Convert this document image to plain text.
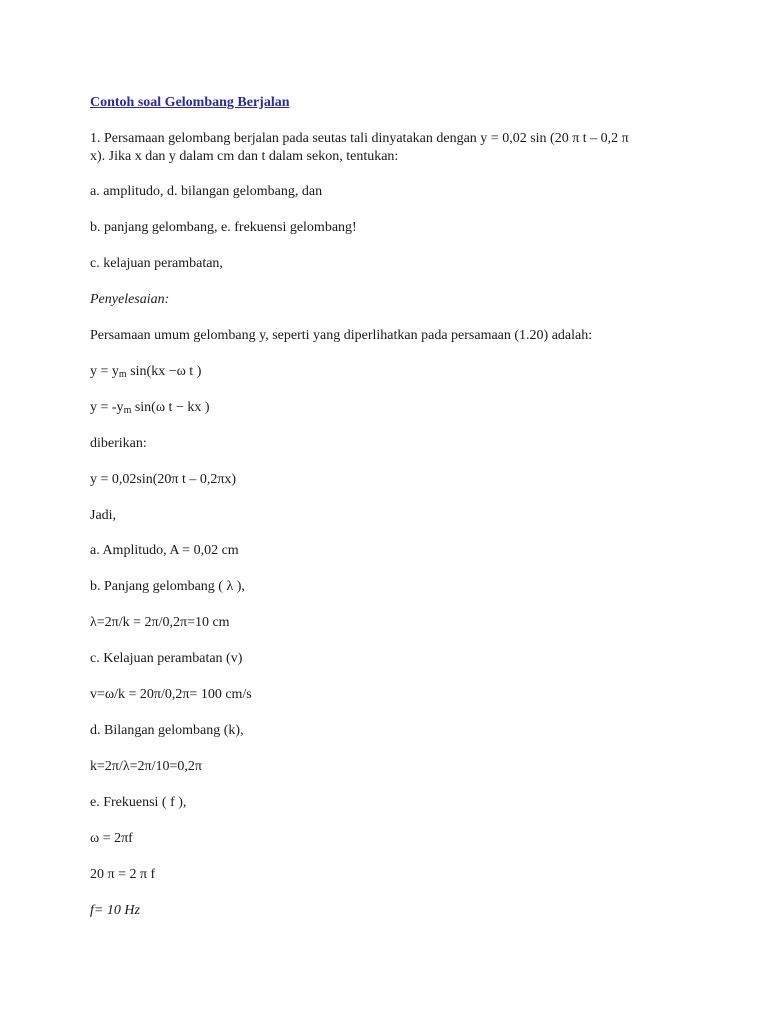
Contoh soal Gelombang Berjalan
1. Persamaan gelombang berjalan pada seutas tali dinyatakan dengan y = 0,02 sin (20 π t – 0,2 π
x). Jika x dan y dalam cm dan t dalam sekon, tentukan:
a. amplitudo, d. bilangan gelombang, dan
b. panjang gelombang, e. frekuensi gelombang!
c. kelajuan perambatan,
Penyelesaian:
Persamaan umum gelombang y, seperti yang diperlihatkan pada persamaan (1.20) adalah:
$y = y_m$ sin(kx −ω t )
$y = -y_m$ sin(ω t − kx )
diberikan:
y = 0,02sin(20π t – 0,2πx)
Jadi,
a. Amplitudo, A = 0,02 cm
b. Panjang gelombang ( λ ),
λ=2π/k = 2π/0,2π=10 cm
c. Kelajuan perambatan (v)
v=ω/k = 20π/0,2π= 100 cm/s
d. Bilangan gelombang (k),
k=2π/λ=2π/10=0,2π
e. Frekuensi ( f ),
ω = 2πf
20 π = 2 π f
f= 10 Hz
